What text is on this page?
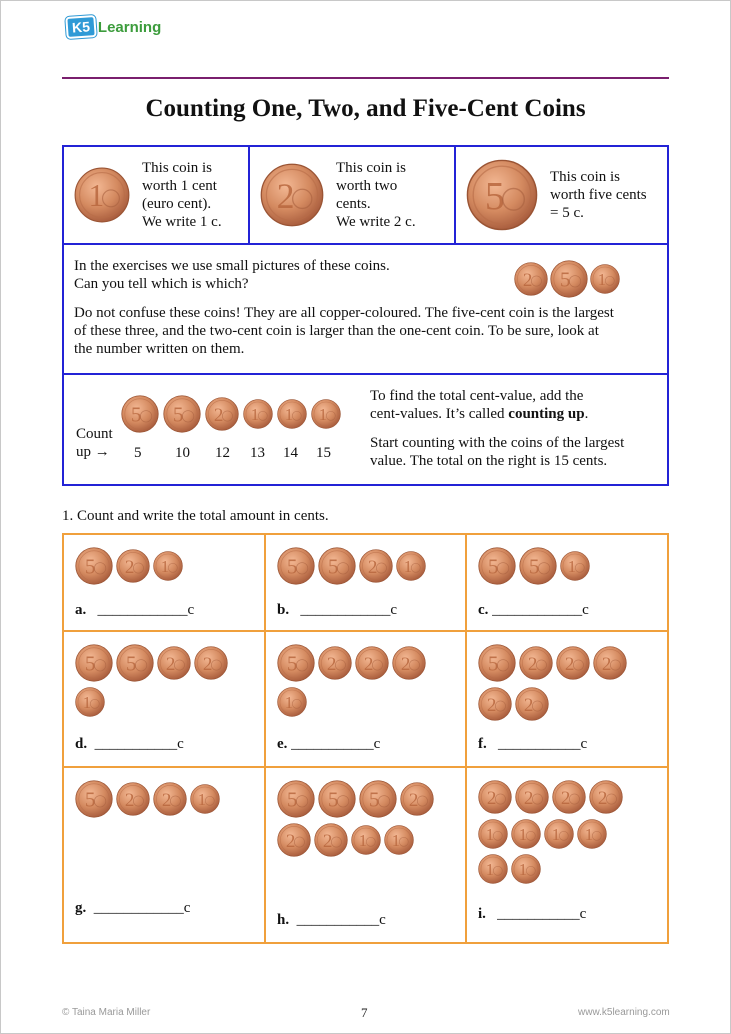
K5 Learning
Counting One, Two, and Five-Cent Coins
1
This coin is
worth 1 cent
(euro cent).
We write 1 c.
2
This coin is
worth two
cents.
We write 2 c.
5	This coin is
worth five cents
= 5 c.

In the exercises we use small pictures of these coins.
Can you tell which is which?

Do not confuse these coins! They are all copper-coloured. The five-cent coin is the largest
of these three, and the two-cent coin is larger than the one-cent coin. To be sure, look at
the number written on them.

2 5 1
5 5 2 1 1 1
Count
up → 5 10 12 13 14 15

To find the total cent-value, add the
cent-values. It’s called counting up.

Start counting with the coins of the largest
value. The total on the right is 15 cents.

1. Count and write the total amount in cents.
5 2 1
a. ____________c
5 5 2 1
b. ____________c
5 5 1
c. ____________c
5 5 2 2
1
d. ___________c
5 2 2 2
1
e. ___________c
5 2 2 2
2 2
f. ___________c
5 2 2 1
g. ____________c
5 5 5 2
2 2 1 1
h. ___________c
2 2 2 2
1 1 1 1
1 1
i. ___________c
© Taina Maria Miller	7	www.k5learning.com
